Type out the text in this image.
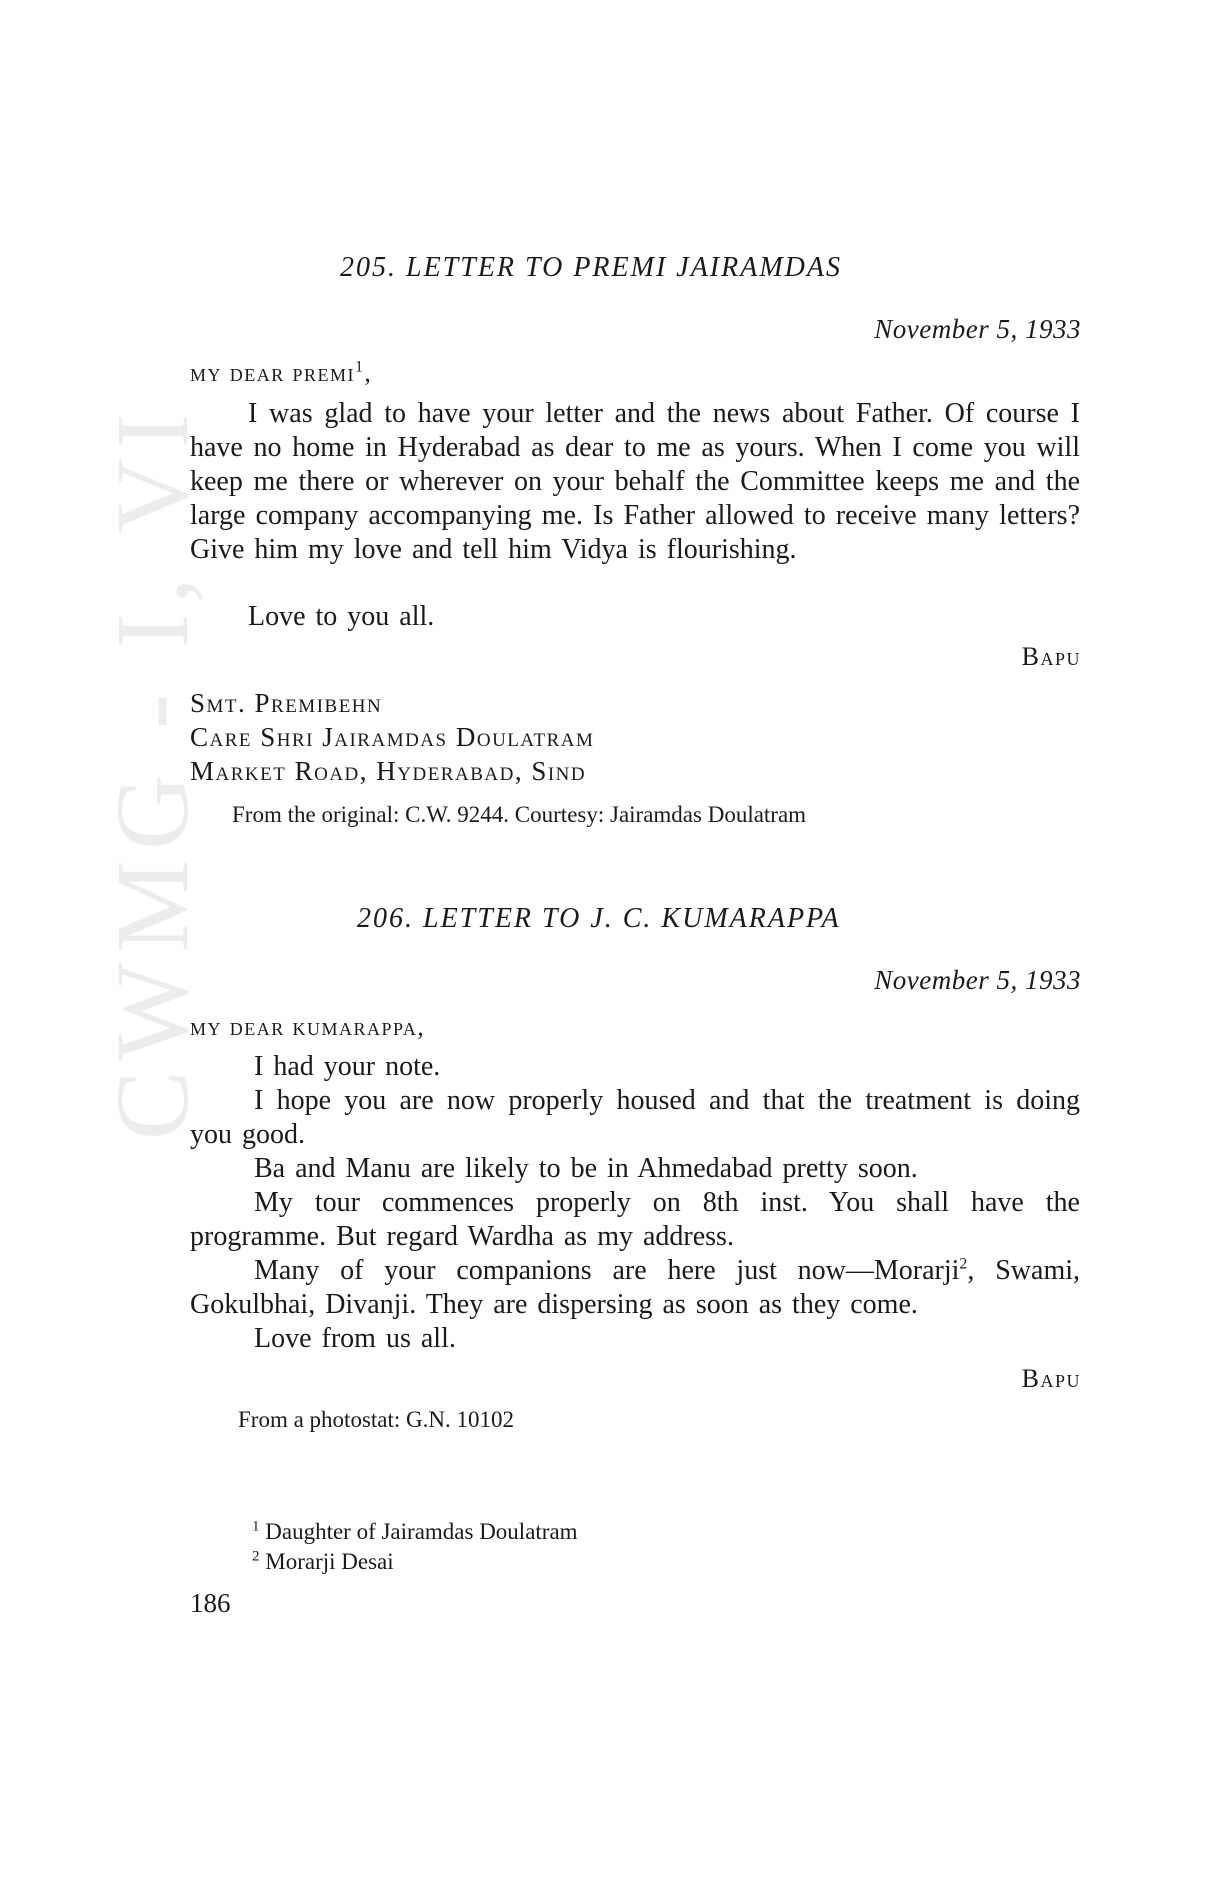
CWMG - I, VI

205. LETTER TO PREMI JAIRAMDAS

November 5, 1933

my dear premi$^1$,

I was glad to have your letter and the news about Father. Of course I have no home in Hyderabad as dear to me as yours. When I come you will keep me there or wherever on your behalf the Committee keeps me and the large company accompanying me. Is Father allowed to receive many letters? Give him my love and tell him Vidya is flourishing.

Love to you all.

Bapu

Smt. Premibehn
Care Shri Jairamdas Doulatram
Market Road, Hyderabad, Sind

From the original: C.W. 9244. Courtesy: Jairamdas Doulatram

206. LETTER TO J. C. KUMARAPPA

November 5, 1933

my dear kumarappa,

I had your note.

I hope you are now properly housed and that the treatment is doing you good.

Ba and Manu are likely to be in Ahmedabad pretty soon.

My tour commences properly on 8th inst. You shall have the programme. But regard Wardha as my address.

Many of your companions are here just now—Morarji$^2$, Swami, Gokulbhai, Divanji. They are dispersing as soon as they come.

Love from us all.

Bapu

From a photostat: G.N. 10102

$^1$ Daughter of Jairamdas Doulatram
$^2$ Morarji Desai

186
